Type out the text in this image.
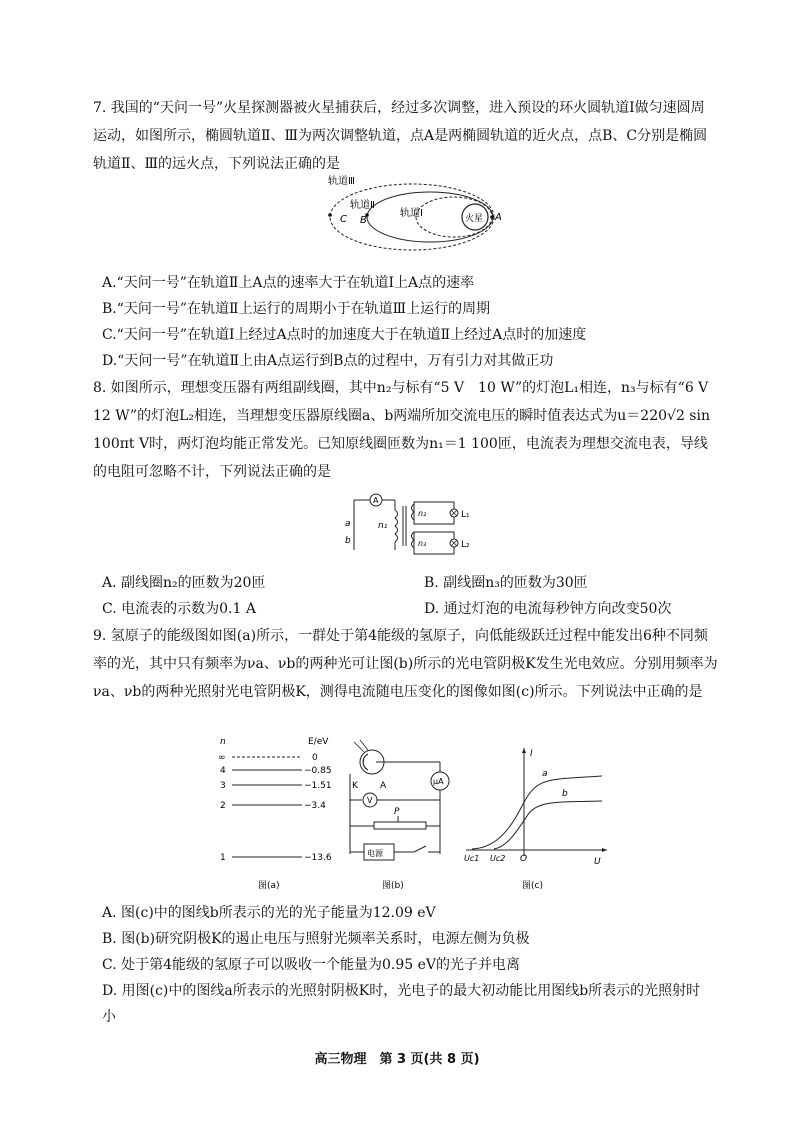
7. 我国的“天问一号”火星探测器被火星捕获后，经过多次调整，进入预设的环火圆轨道Ⅰ做匀速圆周运动，如图所示，椭圆轨道Ⅱ、Ⅲ为两次调整轨道，点A是两椭圆轨道的近火点，点B、C分别是椭圆轨道Ⅱ、Ⅲ的远火点，下列说法正确的是

轨道Ⅲ
轨道Ⅱ
轨道Ⅰ	火星 A
B
C
A.“天问一号”在轨道Ⅱ上A点的速率大于在轨道Ⅰ上A点的速率
B.“天问一号”在轨道Ⅱ上运行的周期小于在轨道Ⅲ上运行的周期
C.“天问一号”在轨道Ⅰ上经过A点时的加速度大于在轨道Ⅱ上经过A点时的加速度
D.“天问一号”在轨道Ⅱ上由A点运行到B点的过程中，万有引力对其做正功

8. 如图所示，理想变压器有两组副线圈，其中n₂与标有“5 V　10 W”的灯泡L₁相连，n₃与标有“6 V　12 W”的灯泡L₂相连，当理想变压器原线圈a、b两端所加交流电压的瞬时值表达式为u＝220√2 sin 100πt V时，两灯泡均能正常发光。已知原线圈匝数为n₁＝1 100匝，电流表为理想交流电表，导线的电阻可忽略不计，下列说法正确的是

A
a
b
n₁
n₂
n₃
L₁
L₂
A. 副线圈n₂的匝数为20匝	B. 副线圈n₃的匝数为30匝
C. 电流表的示数为0.1 A	D. 通过灯泡的电流每秒钟方向改变50次

9. 氢原子的能级图如图(a)所示，一群处于第4能级的氢原子，向低能级跃迁过程中能发出6种不同频率的光，其中只有频率为νa、νb的两种光可让图(b)所示的光电管阴极K发生光电效应。分别用频率为νa、νb的两种光照射光电管阴极K，测得电流随电压变化的图像如图(c)所示。下列说法中正确的是

n	E/eV
∞	0
4	−0.85
3	−1.51
2	−3.4
1	−13.6
图(a)
K A	μA
V
P
电源
图(b)
I
U
O
a
b
Uc1 Uc2
图(c)
A. 图(c)中的图线b所表示的光的光子能量为12.09 eV
B. 图(b)研究阴极K的遏止电压与照射光频率关系时，电源左侧为负极
C. 处于第4能级的氢原子可以吸收一个能量为0.95 eV的光子并电离
D. 用图(c)中的图线a所表示的光照射阴极K时，光电子的最大初动能比用图线b所表示的光照射时小
高三物理　第 3 页(共 8 页)
